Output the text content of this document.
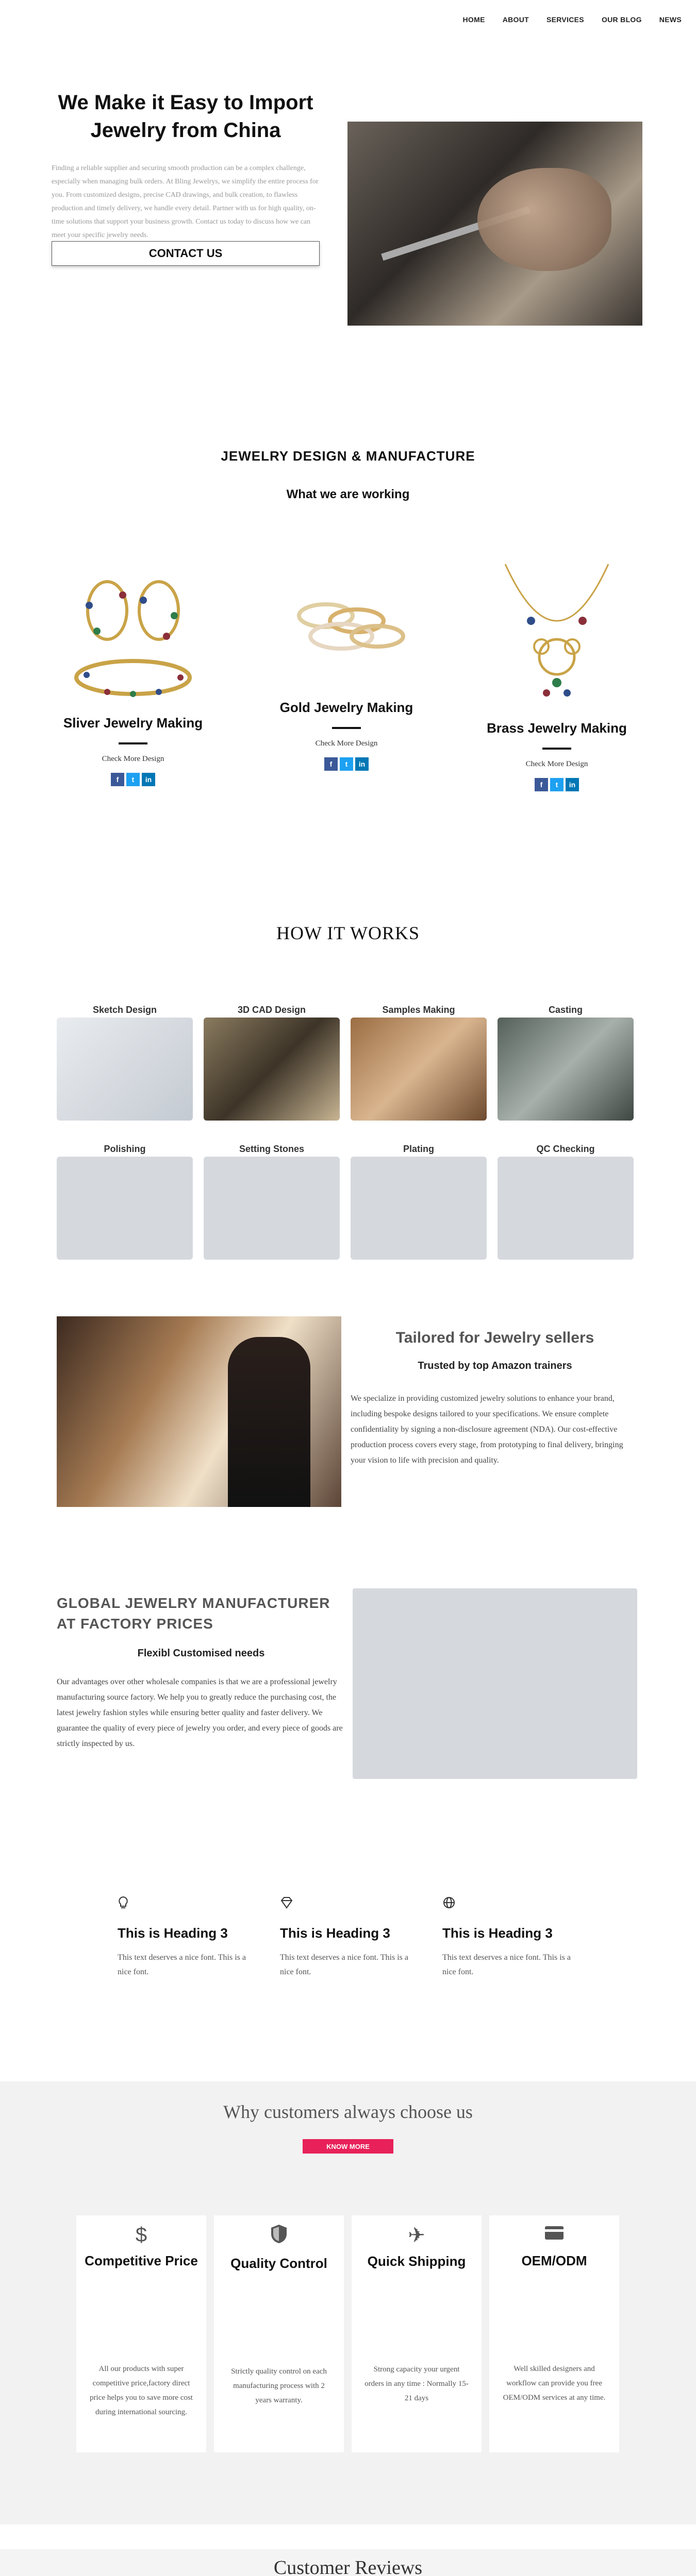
HOME ABOUT SERVICES OUR BLOG NEWS
We Make it Easy to Import Jewelry from China

Finding a reliable supplier and securing smooth production can be a complex challenge, especially when managing bulk orders. At Bling Jewelrys, we simplify the entire process for you. From customized designs, precise CAD drawings, and bulk creation, to flawless production and timely delivery, we handle every detail. Partner with us for high quality, on-time solutions that support your business growth. Contact us today to discuss how we can meet your specific jewelry needs.

CONTACT US
JEWELRY DESIGN & MANUFACTURE
What we are working
Sliver Jewelry Making
Check More Design
f	t	in
Gold Jewelry Making
Check More Design
f	t	in
Brass Jewelry Making
Check More Design
f	t	in
HOW IT WORKS
Sketch Design	3D CAD Design	Samples Making	Casting
Polishing	Setting Stones	Plating	QC Checking
Tailored for Jewelry sellers
Trusted by top Amazon trainers
We specialize in providing customized jewelry solutions to enhance your brand, including bespoke designs tailored to your specifications. We ensure complete confidentiality by signing a non-disclosure agreement (NDA). Our cost-effective production process covers every stage, from prototyping to final delivery, bringing your vision to life with precision and quality.
GLOBAL JEWELRY MANUFACTURER AT FACTORY PRICES
Flexibl Customised needs
Our advantages over other wholesale companies is that we are a professional jewelry manufacturing source factory. We help you to greatly reduce the purchasing cost, the latest jewelry fashion styles while ensuring better quality and faster delivery. We guarantee the quality of every piece of jewelry you order, and every piece of goods are strictly inspected by us.
This is Heading 3

This text deserves a nice font. This is a nice font.

This is Heading 3

This text deserves a nice font. This is a nice font.

This is Heading 3

This text deserves a nice font. This is a nice font.

Why customers always choose us
KNOW MORE
$
Competitive Price

All our products with super competitive price,factory direct price helps you to save more cost during international sourcing.

Quality Control

Strictly quality control on each manufacturing process with 2 years warranty.

✈
Quick Shipping

Strong capacity your urgent orders in any time : Normally 15-21 days

OEM/ODM

Well skilled designers and workflow can provide you free OEM/ODM services at any time.

Customer Reviews
